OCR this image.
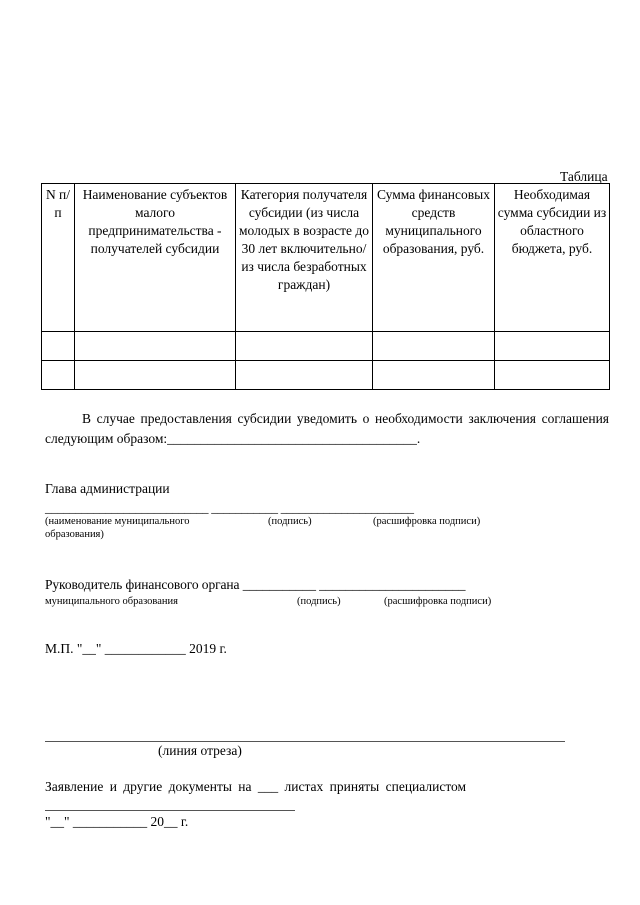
Таблица
N п/п	Наименование субъектов малого предпринимательства - получателей субсидии	Категория получателя субсидии (из числа молодых в возрасте до 30 лет включительно/из числа безработных граждан)	Сумма финансовых средств муниципального образования, руб.	Необходимая сумма субсидии из областного бюджета, руб.

В случае предоставления субсидии уведомить о необходимости заключения соглашения следующим образом:_____________________________________.

Глава администрации
___________________________ ___________ ______________________
(наименование муниципального
образования)
(подпись)	(расшифровка подписи)
Руководитель финансового органа ___________ ______________________
муниципального образования	(подпись)	(расшифровка подписи)
М.П. "__" ____________ 2019 г.
(линия отреза)
Заявление и другие документы на ___ листах приняты специалистом
"__" ___________ 20__ г.
